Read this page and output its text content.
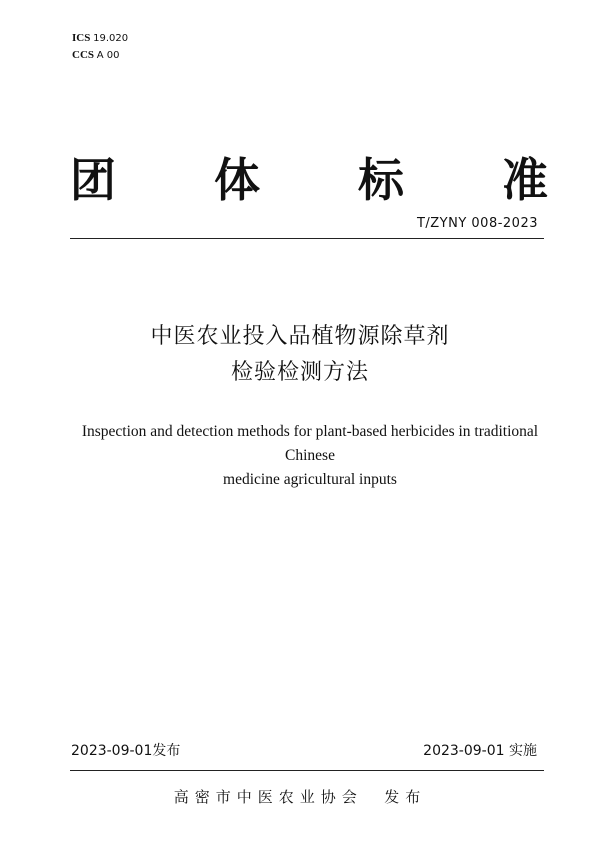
ICS 19.020
CCS A 00
团 体 标 准
T/ZYNY 008-2023
中医农业投入品植物源除草剂
检验检测方法
Inspection and detection methods for plant-based herbicides in traditional Chinese
medicine agricultural inputs
2023-09-01发布	2023-09-01 实施
高密市中医农业协会 发布
